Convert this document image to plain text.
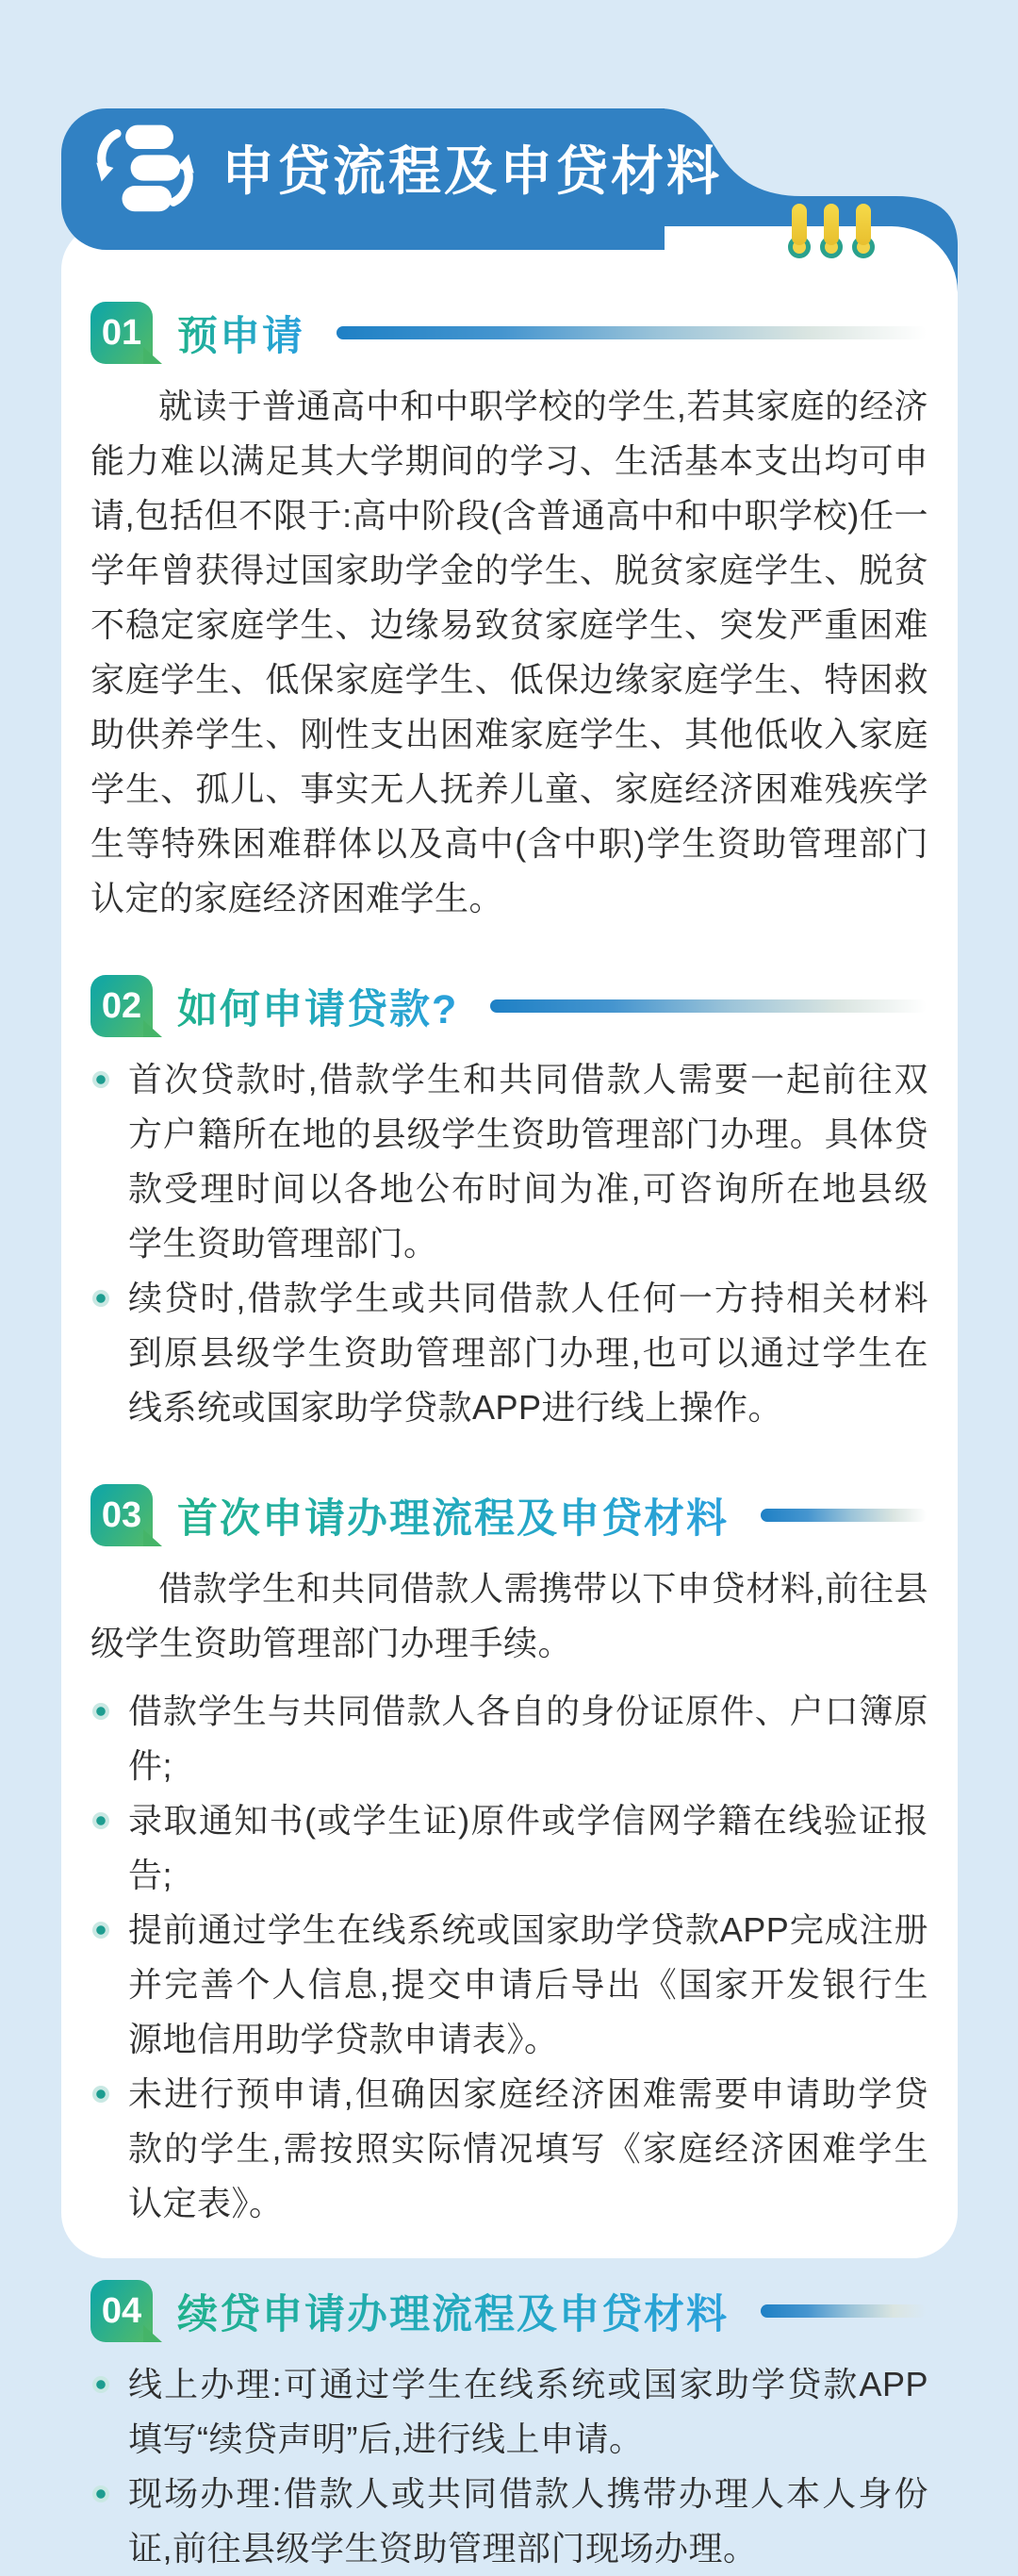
01 预申请

就读于普通高中和中职学校的学生,若其家庭的经济能力难以满足其大学期间的学习、生活基本支出均可申请,包括但不限于:高中阶段(含普通高中和中职学校)任一学年曾获得过国家助学金的学生、脱贫家庭学生、脱贫不稳定家庭学生、边缘易致贫家庭学生、突发严重困难家庭学生、低保家庭学生、低保边缘家庭学生、特困救助供养学生、刚性支出困难家庭学生、其他低收入家庭学生、孤儿、事实无人抚养儿童、家庭经济困难残疾学生等特殊困难群体以及高中(含中职)学生资助管理部门认定的家庭经济困难学生。

02 如何申请贷款?
首次贷款时,借款学生和共同借款人需要一起前往双方户籍所在地的县级学生资助管理部门办理。具体贷款受理时间以各地公布时间为准,可咨询所在地县级学生资助管理部门。
续贷时,借款学生或共同借款人任何一方持相关材料到原县级学生资助管理部门办理,也可以通过学生在线系统或国家助学贷款APP进行线上操作。
03 首次申请办理流程及申贷材料

借款学生和共同借款人需携带以下申贷材料,前往县级学生资助管理部门办理手续。

借款学生与共同借款人各自的身份证原件、户口簿原件;
录取通知书(或学生证)原件或学信网学籍在线验证报告;
提前通过学生在线系统或国家助学贷款APP完成注册并完善个人信息,提交申请后导出《国家开发银行生源地信用助学贷款申请表》。
未进行预申请,但确因家庭经济困难需要申请助学贷款的学生,需按照实际情况填写《家庭经济困难学生认定表》。
04 续贷申请办理流程及申贷材料
线上办理:可通过学生在线系统或国家助学贷款APP填写“续贷声明”后,进行线上申请。
现场办理:借款人或共同借款人携带办理人本人身份证,前往县级学生资助管理部门现场办理。
申贷流程及申贷材料
